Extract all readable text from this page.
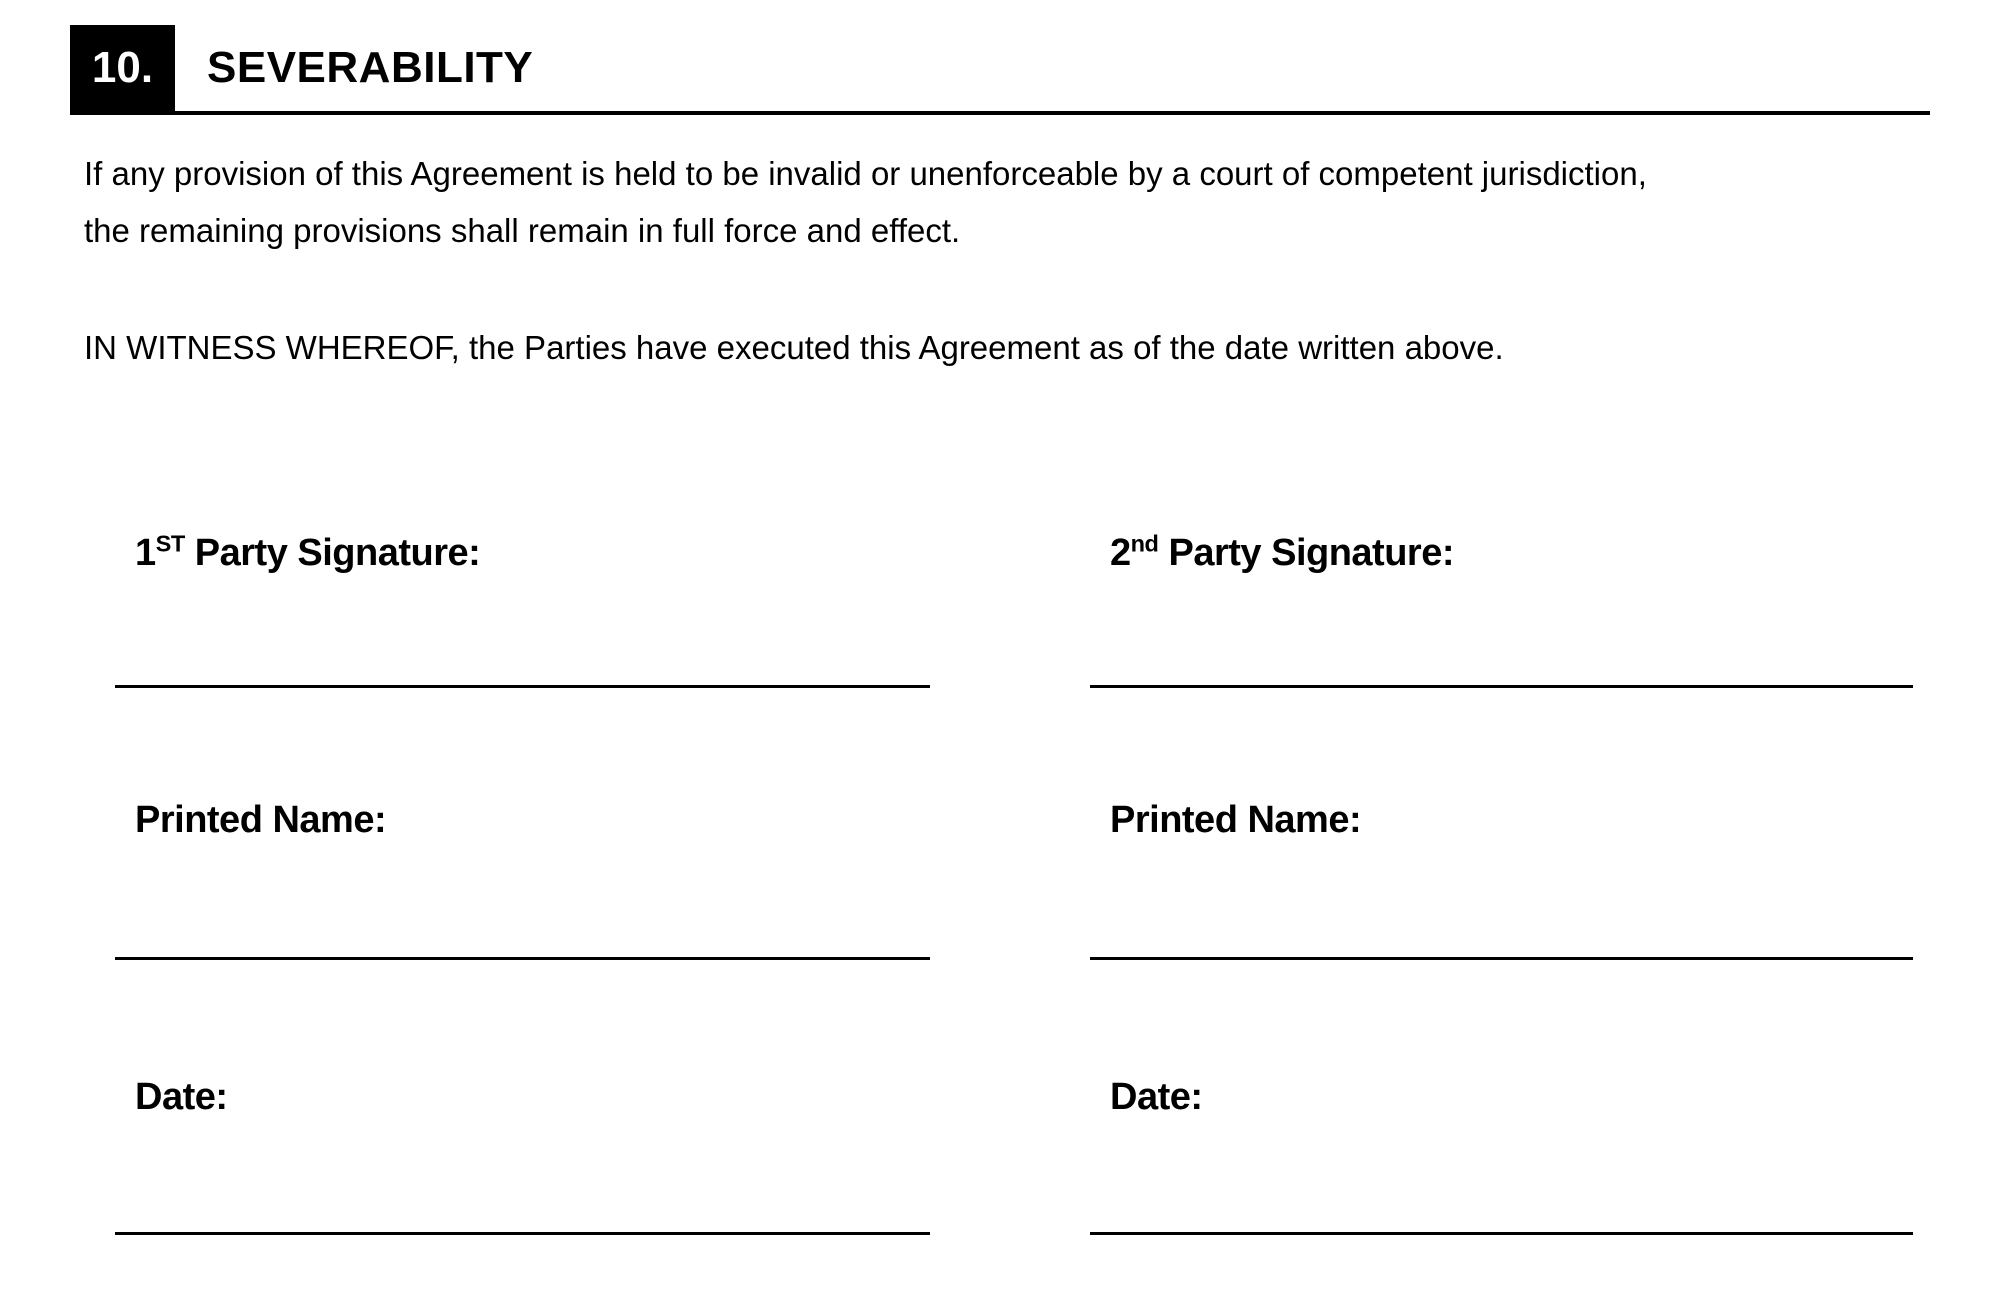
10.	SEVERABILITY
If any provision of this Agreement is held to be invalid or unenforceable by a court of competent jurisdiction,
the remaining provisions shall remain in full force and effect.
IN WITNESS WHEREOF, the Parties have executed this Agreement as of the date written above.
1ST Party Signature:
Printed Name:
Date:
2nd Party Signature:
Printed Name:
Date:
